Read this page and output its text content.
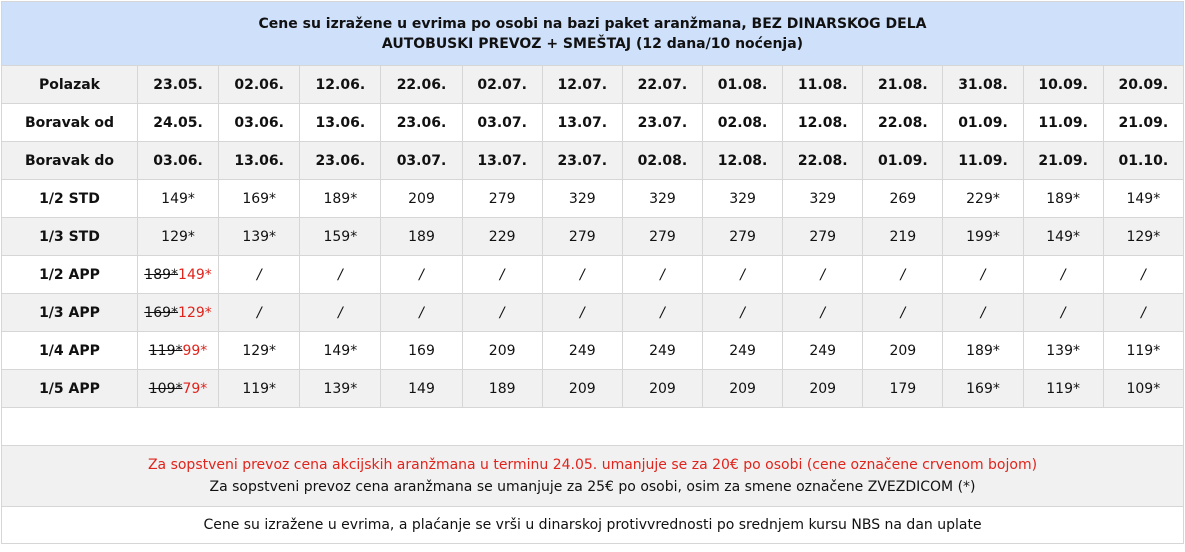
Cene su izražene u evrima po osobi na bazi paket aranžmana, BEZ DINARSKOG DELA
AUTOBUSKI PREVOZ + SMEŠTAJ (12 dana/10 noćenja)													

Polazak	23.05.	02.06.	12.06.	22.06.	02.07.	12.07.	22.07.	01.08.	11.08.	21.08.	31.08.	10.09.	20.09.
Boravak od	24.05.	03.06.	13.06.	23.06.	03.07.	13.07.	23.07.	02.08.	12.08.	22.08.	01.09.	11.09.	21.09.
Boravak do	03.06.	13.06.	23.06.	03.07.	13.07.	23.07.	02.08.	12.08.	22.08.	01.09.	11.09.	21.09.	01.10.
1/2 STD	149*	169*	189*	209	279	329	329	329	329	269	229*	189*	149*
1/3 STD	129*	139*	159*	189	229	279	279	279	279	219	199*	149*	129*
1/2 APP	189*149*	/	/	/	/	/	/	/	/	/	/	/	/
1/3 APP	169*129*	/	/	/	/	/	/	/	/	/	/	/	/
1/4 APP	119*99*	129*	149*	169	209	249	249	249	249	209	189*	139*	119*
1/5 APP	109*79*	119*	139*	149	189	209	209	209	209	179	169*	119*	109*

Za sopstveni prevoz cena akcijskih aranžmana u terminu 24.05. umanjuje se za 20€ po osobi (cene označene crvenom bojom)
Za sopstveni prevoz cena aranžmana se umanjuje za 25€ po osobi, osim za smene označene ZVEZDICOM (*)													

Cene su izražene u evrima, a plaćanje se vrši u dinarskoj protivvrednosti po srednjem kursu NBS na dan uplate													
